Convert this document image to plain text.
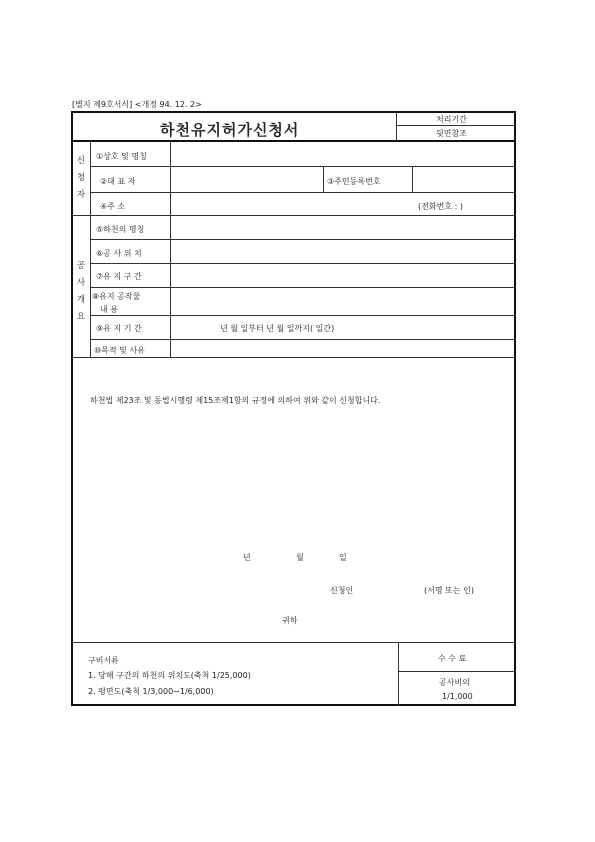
[별지 제9호서식] <개정 94. 12. 2>
하천유지허가신청서
처리기간
뒷면참조
신
청
자
①상호 및 명칭
②대 표 자	③주민등록번호
④주 소	(전화번호 : )
공
사
개
요
⑤하천의 명칭
⑥공 사 위 치
⑦유 지 구 간
⑧유지 공작물
내 용
⑨유 지 기 간	년 월 일부터 년 월 일까지( 일간)
⑩목적 및 사유
하천법 제23조 및 동법시행령 제15조제1항의 규정에 의하여 위와 같이 신청합니다.
년	월	일
신청인	(서명 또는 인)
귀하
구비서류
1. 당해 구간의 하천의 위치도(축척 1/25,000)
2. 평면도(축척 1/3,000∼1/6,000)
수 수 료
공사비의
1/1,000
